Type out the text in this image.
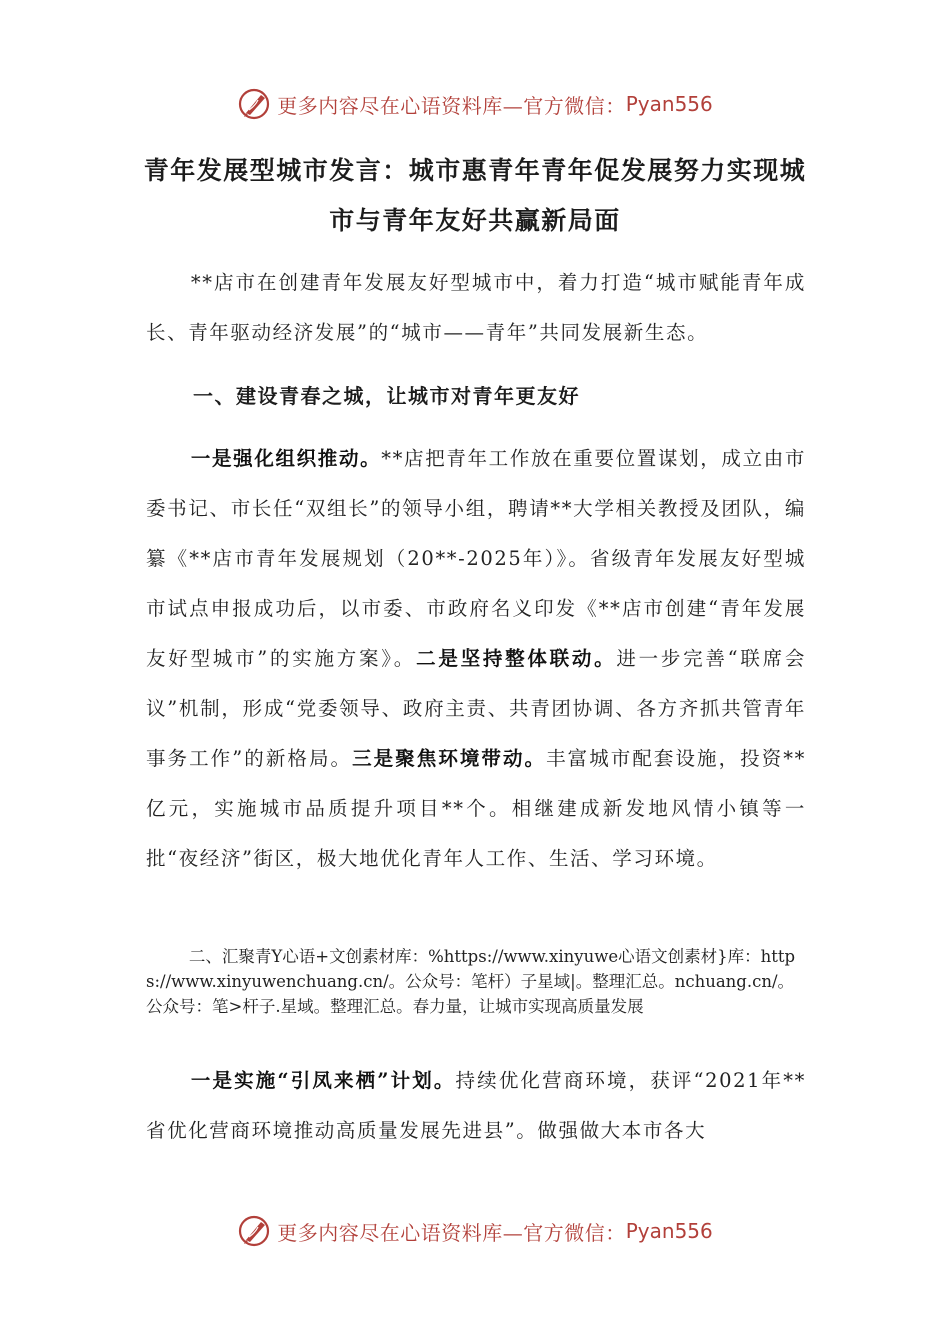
更多内容尽在心语资料库—官方微信： Pyan556
青年发展型城市发言：城市惠青年青年促发展努力实现城市与青年友好共赢新局面

**店市在创建青年发展友好型城市中，着力打造“城市赋能青年成长、青年驱动经济发展”的“城市——青年”共同发展新生态。

一、建设青春之城，让城市对青年更友好

一是强化组织推动。**店把青年工作放在重要位置谋划，成立由市委书记、市长任“双组长”的领导小组，聘请**大学相关教授及团队，编纂《**店市青年发展规划（20**-2025年）》。省级青年发展友好型城市试点申报成功后，以市委、市政府名义印发《**店市创建“青年发展友好型城市”的实施方案》。二是坚持整体联动。进一步完善“联席会议”机制，形成“党委领导、政府主责、共青团协调、各方齐抓共管青年事务工作”的新格局。三是聚焦环境带动。丰富城市配套设施，投资**亿元，实施城市品质提升项目**个。相继建成新发地风情小镇等一批“夜经济”街区，极大地优化青年人工作、生活、学习环境。

二、汇聚青Y心语+文创素材库：%https://www.xinyuwe心语文创素材}库：https://www.xinyuwenchuang.cn/。公众号：笔杆）子星域|。整理汇总。nchuang.cn/。公众号：笔>杆子.星域。整理汇总。春力量，让城市实现高质量发展

一是实施“引凤来栖”计划。持续优化营商环境，获评“2021年**省优化营商环境推动高质量发展先进县”。做强做大本市各大

更多内容尽在心语资料库—官方微信： Pyan556
